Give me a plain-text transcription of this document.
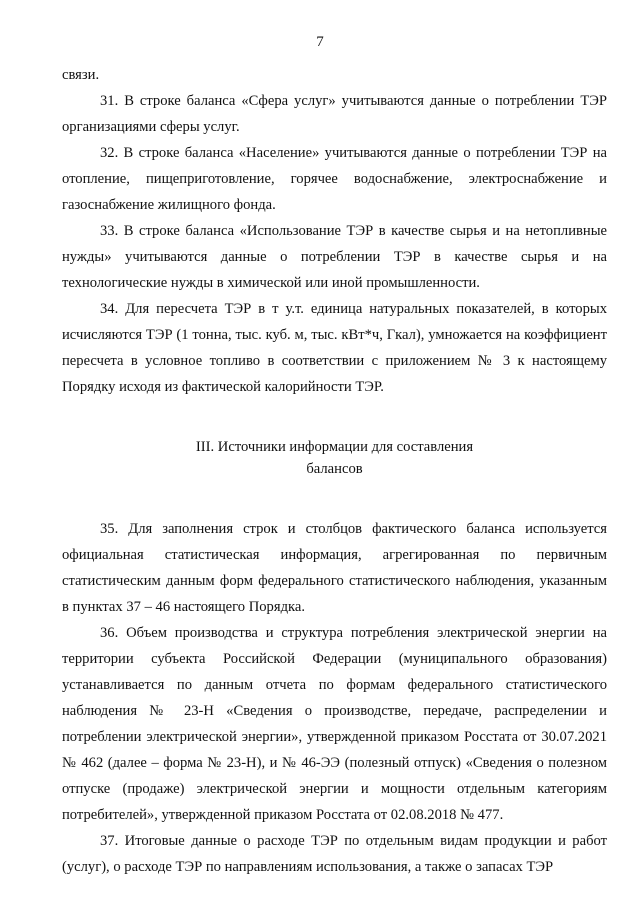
7

связи.

31. В строке баланса «Сфера услуг» учитываются данные о потреблении ТЭР организациями сферы услуг.

32. В строке баланса «Население» учитываются данные о потреблении ТЭР на отопление, пищеприготовление, горячее водоснабжение, электроснабжение и газоснабжение жилищного фонда.

33. В строке баланса «Использование ТЭР в качестве сырья и на нетопливные нужды» учитываются данные о потреблении ТЭР в качестве сырья и на технологические нужды в химической или иной промышленности.

34. Для пересчета ТЭР в т у.т. единица натуральных показателей, в которых исчисляются ТЭР (1 тонна, тыс. куб. м, тыс. кВт*ч, Гкал), умножается на коэффициент пересчета в условное топливо в соответствии с приложением № 3 к настоящему Порядку исходя из фактической калорийности ТЭР.

III. Источники информации для составления
балансов

35. Для заполнения строк и столбцов фактического баланса используется официальная статистическая информация, агрегированная по первичным статистическим данным форм федерального статистического наблюдения, указанным в пунктах 37 – 46 настоящего Порядка.

36. Объем производства и структура потребления электрической энергии на территории субъекта Российской Федерации (муниципального образования) устанавливается по данным отчета по формам федерального статистического наблюдения № 23-Н «Сведения о производстве, передаче, распределении и потреблении электрической энергии», утвержденной приказом Росстата от 30.07.2021 № 462 (далее – форма № 23-Н), и № 46-ЭЭ (полезный отпуск) «Сведения о полезном отпуске (продаже) электрической энергии и мощности отдельным категориям потребителей», утвержденной приказом Росстата от 02.08.2018 № 477.

37. Итоговые данные о расходе ТЭР по отдельным видам продукции и работ (услуг), о расходе ТЭР по направлениям использования, а также о запасах ТЭР
